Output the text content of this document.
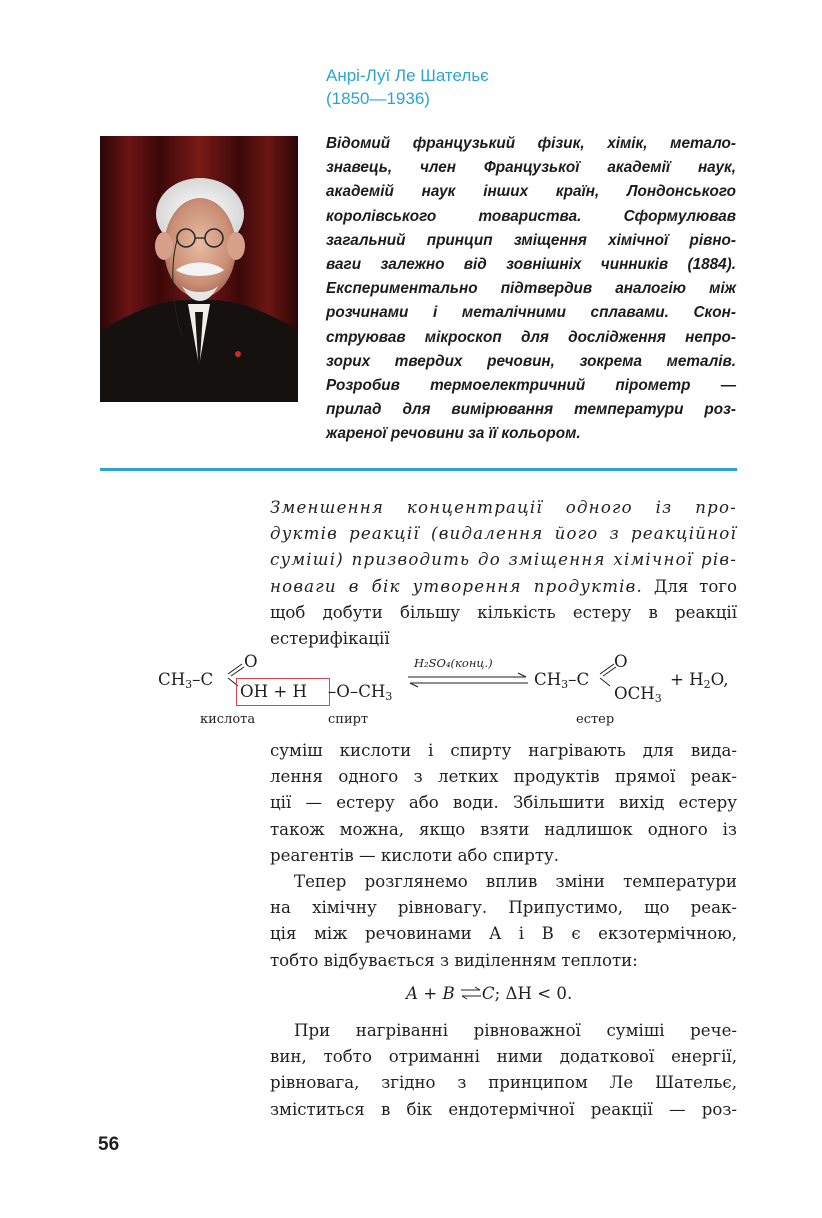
Анрі-Луї Ле Шательє
(1850—1936)
Відомий французький фізик, хімік, метало-
знавець, член Французької академії наук,
академій наук інших країн, Лондонського
королівського товариства. Сформулював
загальний принцип зміщення хімічної рівно-
ваги залежно від зовнішніх чинників (1884).
Експериментально підтвердив аналогію між
розчинами і металічними сплавами. Скон-
струював мікроскоп для дослідження непро-
зорих твердих речовин, зокрема металів.
Розробив термоелектричний пірометр —
прилад для вимірювання температури роз-
жареної речовини за її кольором.
Зменшення концентрації одного із про-
дуктів реакції (видалення його з реакційної
суміші) призводить до зміщення хімічної рів-
новаги в бік утворення продуктів. Для того
щоб добути більшу кількість естеру в реакції
естерифікації
$CH_3-C$
O
OH + H $-O-CH_3$
H₂SO₄(конц.)
$CH_3-C$
O
$OCH_3$
+ $H_2O$,
кислота	спирт	естер
суміш кислоти і спирту нагрівають для вида-
лення одного з летких продуктів прямої реак-
ції — естеру або води. Збільшити вихід естеру
також можна, якщо взяти надлишок одного із
реагентів — кислоти або спирту.
Тепер розглянемо вплив зміни температури
на хімічну рівновагу. Припустимо, що реак-
ція між речовинами A і B є екзотермічною,
тобто відбувається з виділенням теплоти:
A + B C; ΔH < 0.
При нагріванні рівноважної суміші рече-
вин, тобто отриманні ними додаткової енергії,
рівновага, згідно з принципом Ле Шательє,
зміститься в бік ендотермічної реакції — роз-
56
